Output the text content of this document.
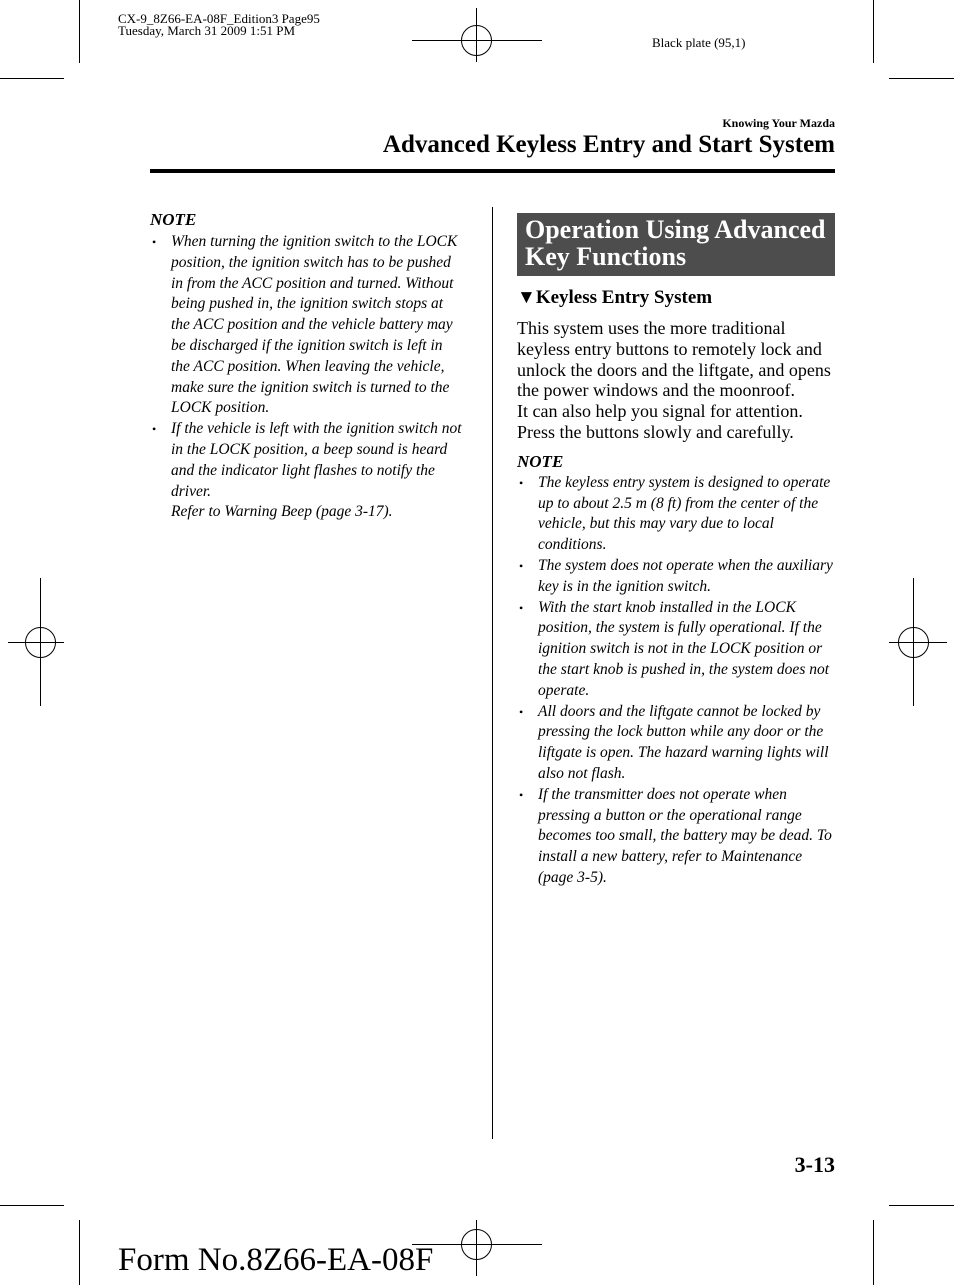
CX-9_8Z66-EA-08F_Edition3 Page95
Tuesday, March 31 2009 1:51 PM
Black plate (95,1)
Knowing Your Mazda
Advanced Keyless Entry and Start System
NOTE
• When turning the ignition switch to the LOCK position, the ignition switch has to be pushed in from the ACC position and turned. Without being pushed in, the ignition switch stops at the ACC position and the vehicle battery may be discharged if the ignition switch is left in the ACC position. When leaving the vehicle, make sure the ignition switch is turned to the LOCK position.
• If the vehicle is left with the ignition switch not in the LOCK position, a beep sound is heard and the indicator light flashes to notify the driver.
Refer to Warning Beep (page 3-17).
Operation Using Advanced Key Functions
▼Keyless Entry System
This system uses the more traditional keyless entry buttons to remotely lock and unlock the doors and the liftgate, and opens the power windows and the moonroof.
It can also help you signal for attention. Press the buttons slowly and carefully.
NOTE
• The keyless entry system is designed to operate up to about 2.5 m (8 ft) from the center of the vehicle, but this may vary due to local conditions.
• The system does not operate when the auxiliary key is in the ignition switch.
• With the start knob installed in the LOCK position, the system is fully operational. If the ignition switch is not in the LOCK position or the start knob is pushed in, the system does not operate.
• All doors and the liftgate cannot be locked by pressing the lock button while any door or the liftgate is open. The hazard warning lights will also not flash.
• If the transmitter does not operate when pressing a button or the operational range becomes too small, the battery may be dead. To install a new battery, refer to Maintenance (page 3-5).
3-13
Form No.8Z66-EA-08F
